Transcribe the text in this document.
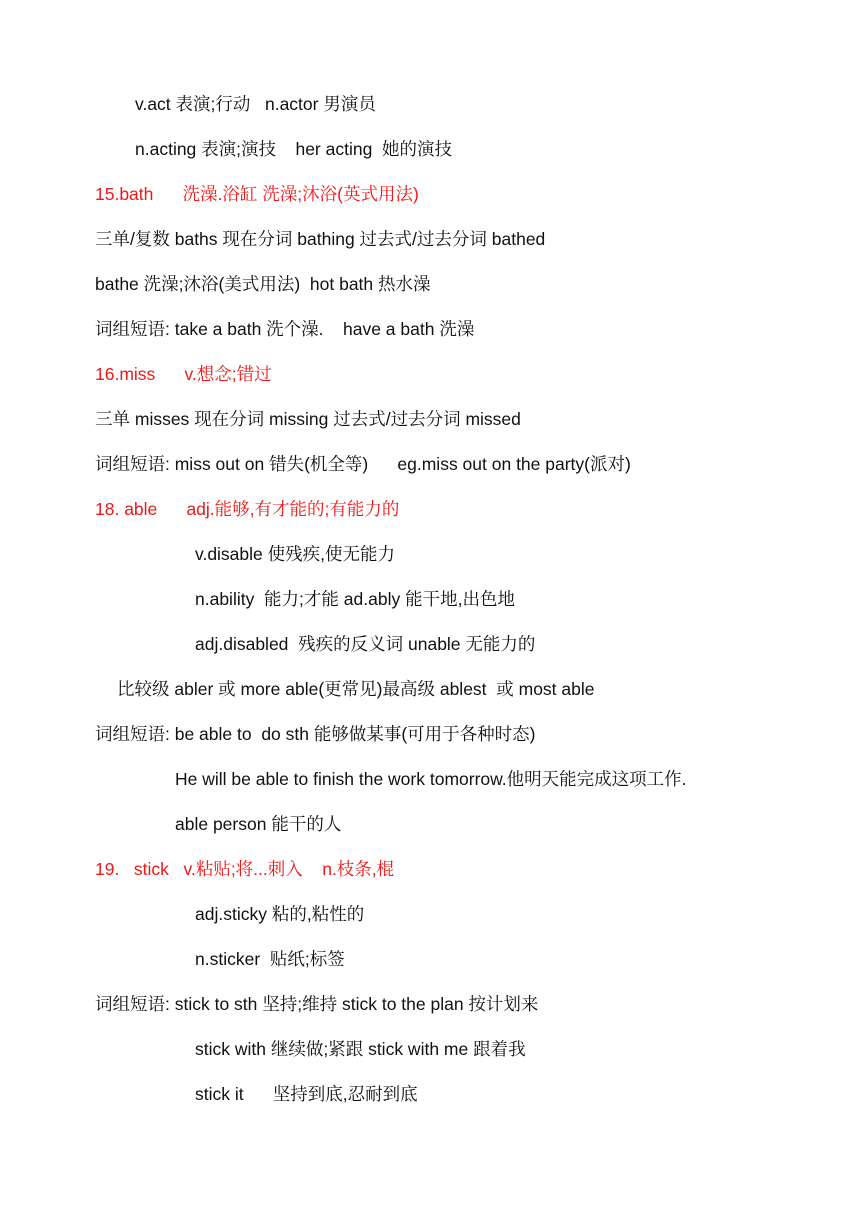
v.act 表演;行动   n.actor 男演员
n.acting 表演;演技    her acting  她的演技
15.bath      洗澡.浴缸 洗澡;沐浴(英式用法)
三单/复数 baths 现在分词 bathing 过去式/过去分词 bathed
bathe 洗澡;沐浴(美式用法)  hot bath 热水澡
词组短语: take a bath 洗个澡.    have a bath 洗澡
16.miss      v.想念;错过
三单 misses 现在分词 missing 过去式/过去分词 missed
词组短语: miss out on 错失(机全等)      eg.miss out on the party(派对)
18. able      adj.能够,有才能的;有能力的
v.disable 使残疾,使无能力
n.ability  能力;才能 ad.ably 能干地,出色地
adj.disabled  残疾的反义词 unable 无能力的
比较级 abler 或 more able(更常见)最高级 ablest  或 most able
词组短语: be able to  do sth 能够做某事(可用于各种时态)
He will be able to finish the work tomorrow.他明天能完成这项工作.
able person 能干的人
19.   stick   v.粘贴;将...刺入    n.枝条,棍
adj.sticky 粘的,粘性的
n.sticker  贴纸;标签
词组短语: stick to sth 坚持;维持 stick to the plan 按计划来
stick with 继续做;紧跟 stick with me 跟着我
stick it      坚持到底,忍耐到底
